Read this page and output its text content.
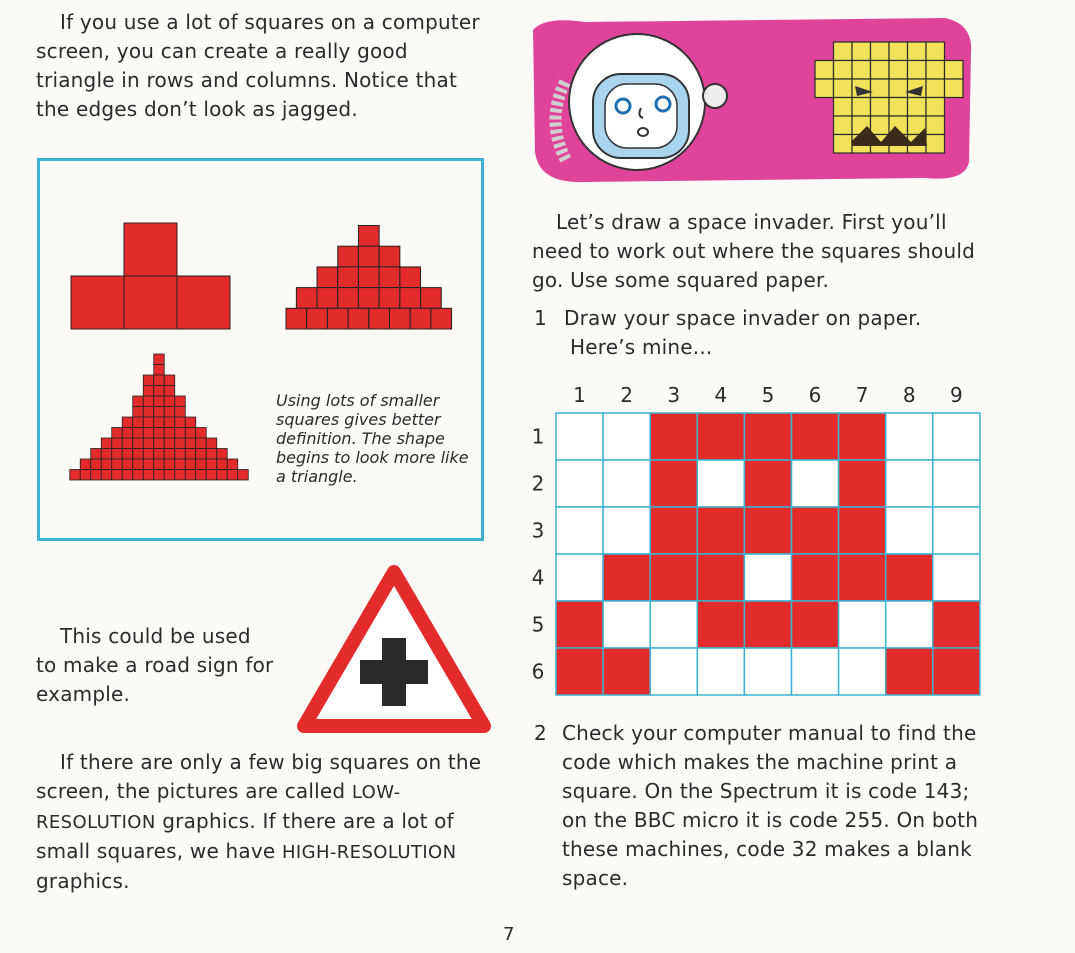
If you use a lot of squares on a computer screen, you can create a really good triangle in rows and columns. Notice that the edges don’t look as jagged.

Using lots of smaller squares gives better definition. The shape begins to look more like a triangle.

This could be used to make a road sign for example.

If there are only a few big squares on the screen, the pictures are called LOW-RESOLUTION graphics. If there are a lot of small squares, we have HIGH-RESOLUTION graphics.

Let’s draw a space invader. First you’ll need to work out where the squares should go. Use some squared paper.

1 Draw your space invader on paper.
Here’s mine...
1 2 3 4 5 6 7 8 9
1
2
3
4
5
6
2 Check your computer manual to find the code which makes the machine print a square. On the Spectrum it is code 143; on the BBC micro it is code 255. On both these machines, code 32 makes a blank space.

7
